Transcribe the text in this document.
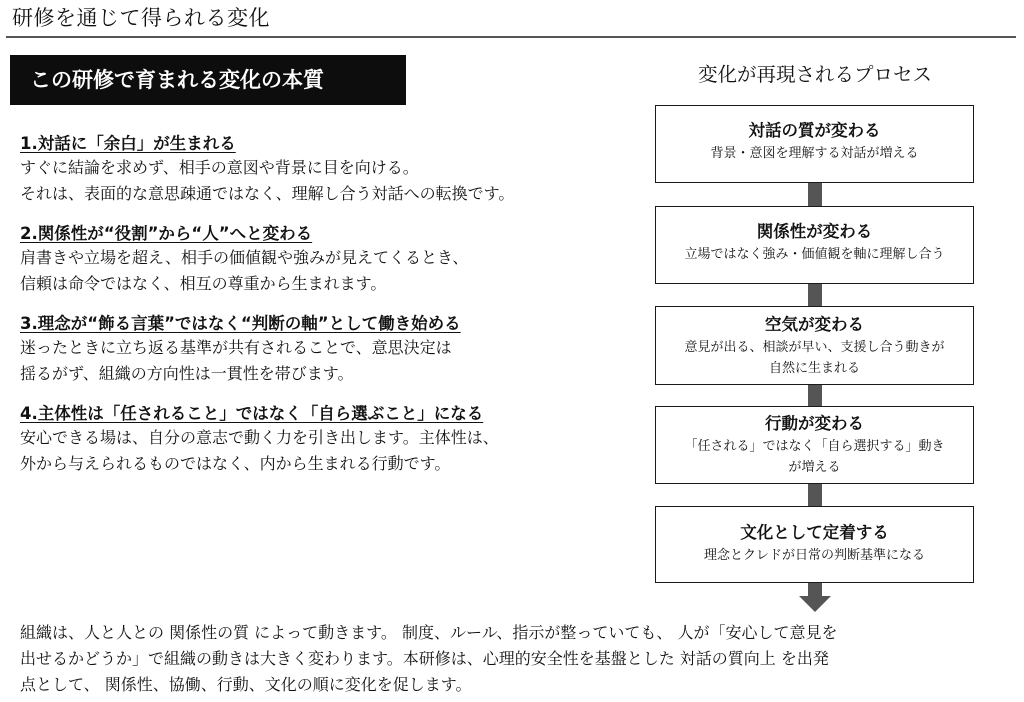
研修を通じて得られる変化
この研修で育まれる変化の本質
1.対話に「余白」が生まれる
すぐに結論を求めず、相手の意図や背景に目を向ける。
それは、表面的な意思疎通ではなく、理解し合う対話への転換です。
2.関係性が“役割”から“人”へと変わる
肩書きや立場を超え、相手の価値観や強みが見えてくるとき、
信頼は命令ではなく、相互の尊重から生まれます。
3.理念が“飾る言葉”ではなく“判断の軸”として働き始める
迷ったときに立ち返る基準が共有されることで、意思決定は
揺るがず、組織の方向性は一貫性を帯びます。
4.主体性は「任されること」ではなく「自ら選ぶこと」になる
安心できる場は、自分の意志で動く力を引き出します。主体性は、
外から与えられるものではなく、内から生まれる行動です。
変化が再現されるプロセス
対話の質が変わる
背景・意図を理解する対話が増える
関係性が変わる
立場ではなく強み・価値観を軸に理解し合う
空気が変わる
意見が出る、相談が早い、支援し合う動きが
自然に生まれる
行動が変わる
「任される」ではなく「自ら選択する」動き
が増える
文化として定着する
理念とクレドが日常の判断基準になる
組織は、人と人との 関係性の質 によって動きます。 制度、ルール、指示が整っていても、 人が「安心して意見を
出せるかどうか」で組織の動きは大きく変わります。本研修は、心理的安全性を基盤とした 対話の質向上 を出発
点として、 関係性、協働、行動、文化の順に変化を促します。
